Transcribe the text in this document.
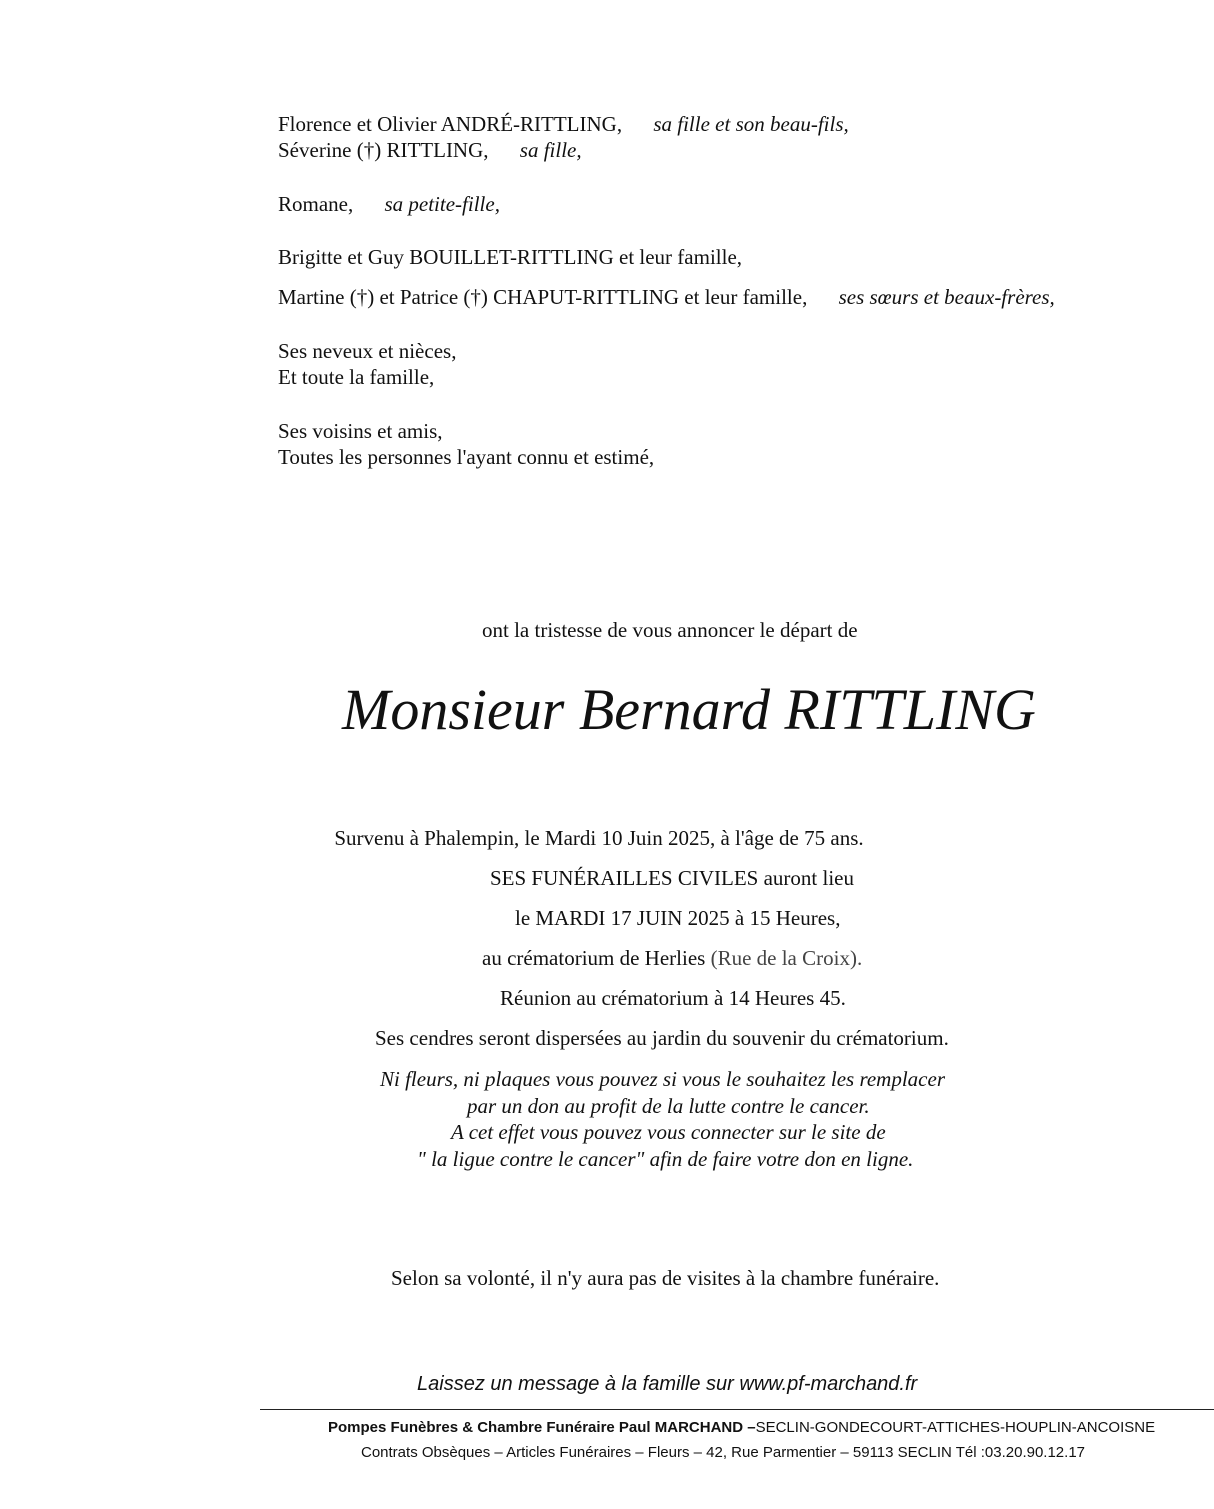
Florence et Olivier ANDRÉ-RITTLING, sa fille et son beau-fils,
Séverine (†) RITTLING, sa fille,
Romane, sa petite-fille,
Brigitte et Guy BOUILLET-RITTLING et leur famille,
Martine (†) et Patrice (†) CHAPUT-RITTLING et leur famille, ses sœurs et beaux-frères,
Ses neveux et nièces,
Et toute la famille,
Ses voisins et amis,
Toutes les personnes l'ayant connu et estimé,
ont la tristesse de vous annoncer le départ de
Monsieur Bernard RITTLING
Survenu à Phalempin, le Mardi 10 Juin 2025, à l'âge de 75 ans.
SES FUNÉRAILLES CIVILES auront lieu
le MARDI 17 JUIN 2025 à 15 Heures,
au crématorium de Herlies (Rue de la Croix).
Réunion au crématorium à 14 Heures 45.
Ses cendres seront dispersées au jardin du souvenir du crématorium.
Ni fleurs, ni plaques vous pouvez si vous le souhaitez les remplacer
par un don au profit de la lutte contre le cancer.
A cet effet vous pouvez vous connecter sur le site de
" la ligue contre le cancer" afin de faire votre don en ligne.
Selon sa volonté, il n'y aura pas de visites à la chambre funéraire.
Laissez un message à la famille sur www.pf-marchand.fr
Pompes Funèbres & Chambre Funéraire Paul MARCHAND –SECLIN-GONDECOURT-ATTICHES-HOUPLIN-ANCOISNE
Contrats Obsèques – Articles Funéraires – Fleurs – 42, Rue Parmentier – 59113 SECLIN Tél :03.20.90.12.17
